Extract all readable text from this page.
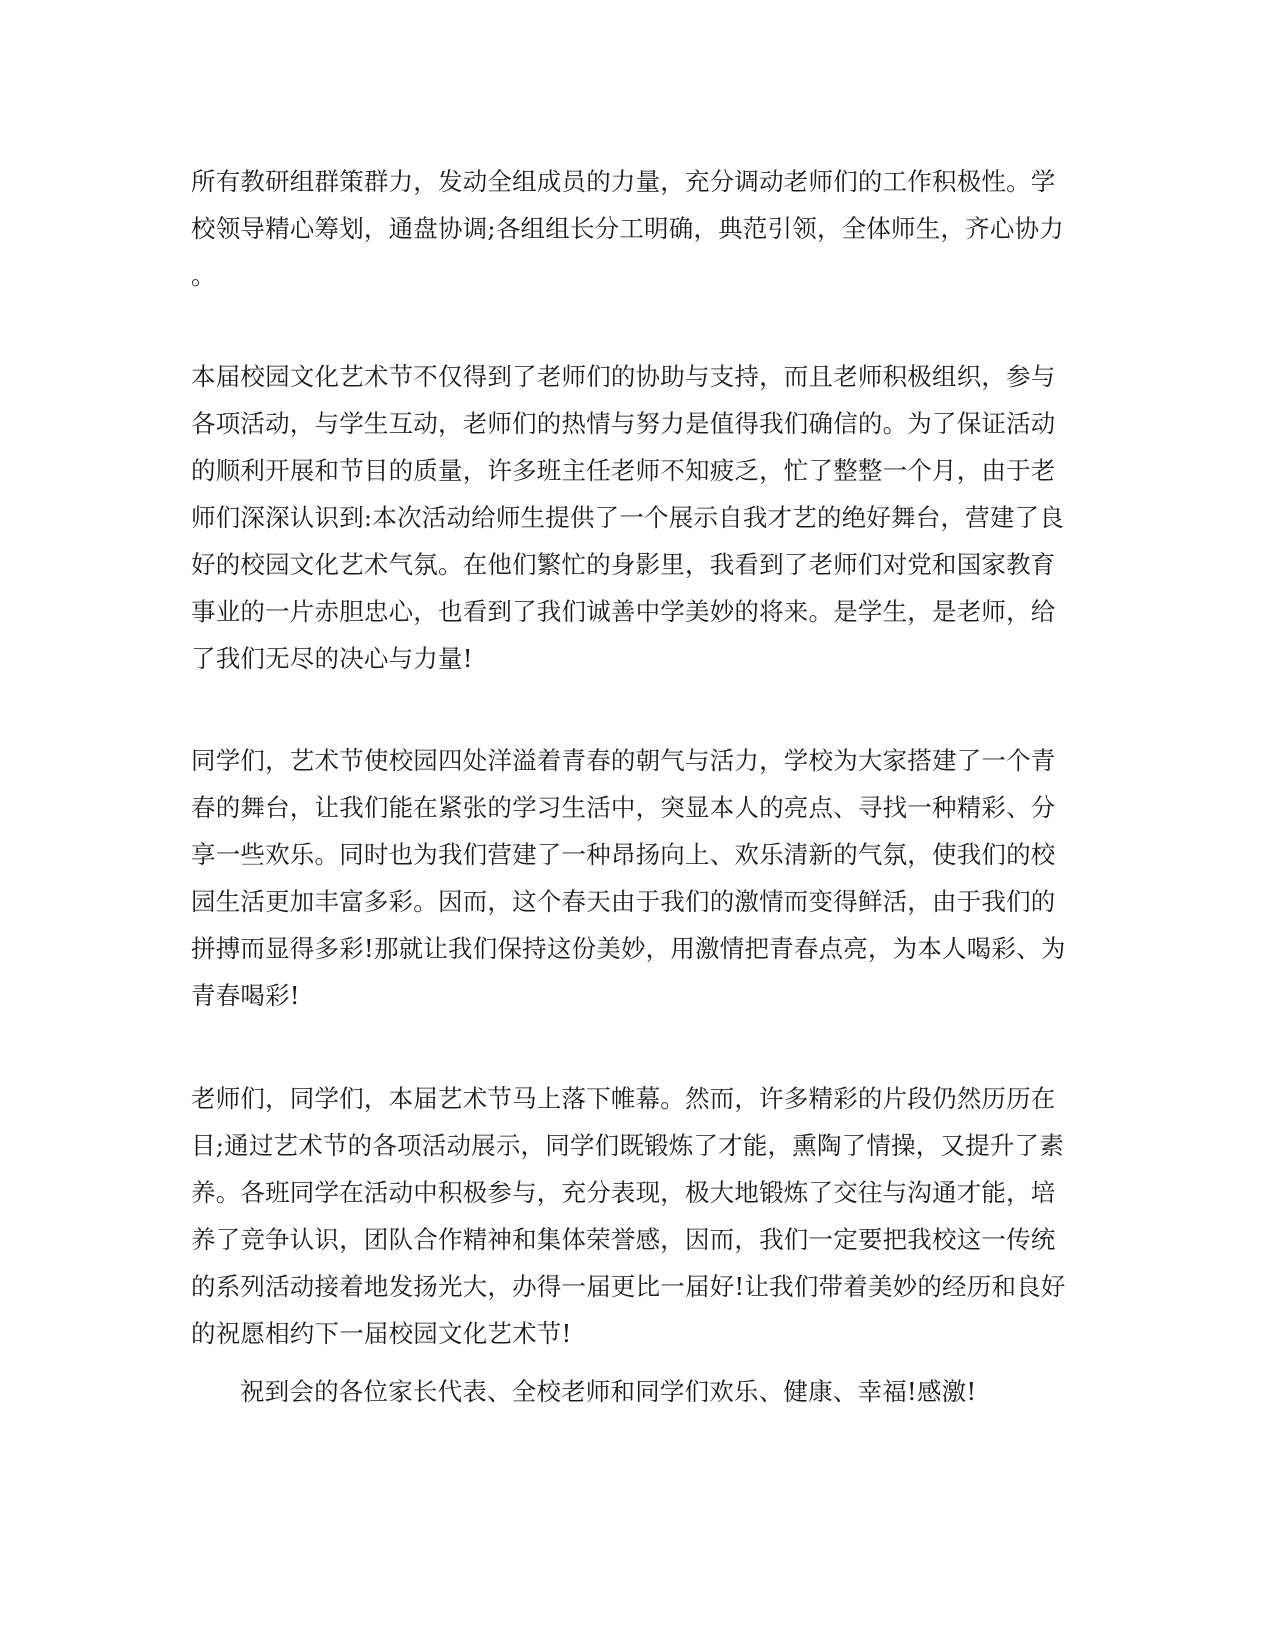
所有教研组群策群力，发动全组成员的力量，充分调动老师们的工作积极性。学
校领导精心筹划，通盘协调;各组组长分工明确，典范引领，全体师生，齐心协力
。
本届校园文化艺术节不仅得到了老师们的协助与支持，而且老师积极组织，参与
各项活动，与学生互动，老师们的热情与努力是值得我们确信的。为了保证活动
的顺利开展和节目的质量，许多班主任老师不知疲乏，忙了整整一个月，由于老
师们深深认识到:本次活动给师生提供了一个展示自我才艺的绝好舞台，营建了良
好的校园文化艺术气氛。在他们繁忙的身影里，我看到了老师们对党和国家教育
事业的一片赤胆忠心，也看到了我们诚善中学美妙的将来。是学生，是老师，给
了我们无尽的决心与力量!
同学们，艺术节使校园四处洋溢着青春的朝气与活力，学校为大家搭建了一个青
春的舞台，让我们能在紧张的学习生活中，突显本人的亮点、寻找一种精彩、分
享一些欢乐。同时也为我们营建了一种昂扬向上、欢乐清新的气氛，使我们的校
园生活更加丰富多彩。因而，这个春天由于我们的激情而变得鲜活，由于我们的
拼搏而显得多彩!那就让我们保持这份美妙，用激情把青春点亮，为本人喝彩、为
青春喝彩!
老师们，同学们，本届艺术节马上落下帷幕。然而，许多精彩的片段仍然历历在
目;通过艺术节的各项活动展示，同学们既锻炼了才能，熏陶了情操，又提升了素
养。各班同学在活动中积极参与，充分表现，极大地锻炼了交往与沟通才能，培
养了竞争认识，团队合作精神和集体荣誉感，因而，我们一定要把我校这一传统
的系列活动接着地发扬光大，办得一届更比一届好!让我们带着美妙的经历和良好
的祝愿相约下一届校园文化艺术节!
祝到会的各位家长代表、全校老师和同学们欢乐、健康、幸福!感激!
